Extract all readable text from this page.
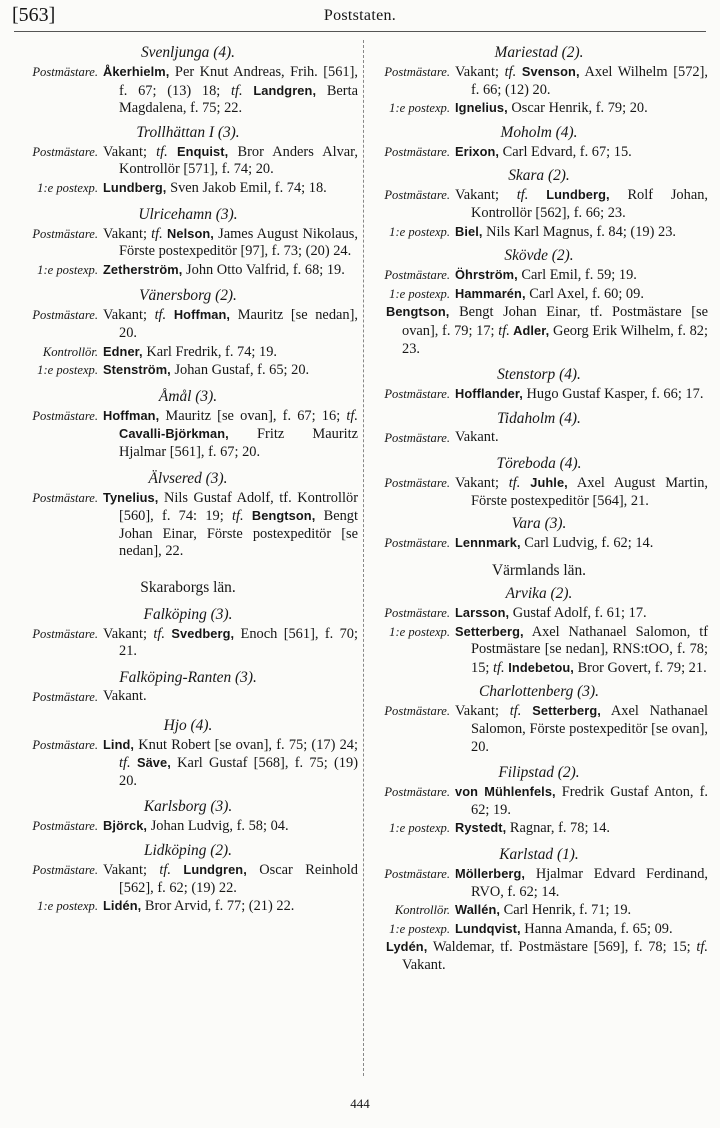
[563]	Poststaten.
Svenljunga (4).
Postmästare. Åkerhielm, Per Knut Andreas, Frih. [561], f. 67; (13) 18; tf. Landgren, Berta Magdalena, f. 75; 22.
Trollhättan I (3).
Postmästare. Vakant; tf. Enquist, Bror Anders Alvar, Kontrollör [571], f. 74; 20.
1:e postexp. Lundberg, Sven Jakob Emil, f. 74; 18.
Ulricehamn (3).
Postmästare. Vakant; tf. Nelson, James August Nikolaus, Förste postexpeditör [97], f. 73; (20) 24.
1:e postexp. Zetherström, John Otto Valfrid, f. 68; 19.
Vänersborg (2).
Postmästare. Vakant; tf. Hoffman, Mauritz [se nedan], 20.
Kontrollör. Edner, Karl Fredrik, f. 74; 19.
1:e postexp. Stenström, Johan Gustaf, f. 65; 20.
Åmål (3).
Postmästare. Hoffman, Mauritz [se ovan], f. 67; 16; tf. Cavalli-Björkman, Fritz Mauritz Hjalmar [561], f. 67; 20.
Älvsered (3).
Postmästare. Tynelius, Nils Gustaf Adolf, tf. Kontrollör [560], f. 74: 19; tf. Bengtson, Bengt Johan Einar, Förste postexpeditör [se nedan], 22.
Skaraborgs län.
Falköping (3).
Postmästare. Vakant; tf. Svedberg, Enoch [561], f. 70; 21.
Falköping-Ranten (3).
Postmästare. Vakant.
Hjo (4).
Postmästare. Lind, Knut Robert [se ovan], f. 75; (17) 24; tf. Säve, Karl Gustaf [568], f. 75; (19) 20.
Karlsborg (3).
Postmästare. Björck, Johan Ludvig, f. 58; 04.
Lidköping (2).
Postmästare. Vakant; tf. Lundgren, Oscar Reinhold [562], f. 62; (19) 22.
1:e postexp. Lidén, Bror Arvid, f. 77; (21) 22.
Mariestad (2).
Postmästare. Vakant; tf. Svenson, Axel Wilhelm [572], f. 66; (12) 20.
1:e postexp. Ignelius, Oscar Henrik, f. 79; 20.
Moholm (4).
Postmästare. Erixon, Carl Edvard, f. 67; 15.
Skara (2).
Postmästare. Vakant; tf. Lundberg, Rolf Johan, Kontrollör [562], f. 66; 23.
1:e postexp. Biel, Nils Karl Magnus, f. 84; (19) 23.
Skövde (2).
Postmästare. Öhrström, Carl Emil, f. 59; 19.
1:e postexp. Hammarén, Carl Axel, f. 60; 09.
Bengtson, Bengt Johan Einar, tf. Postmästare [se ovan], f. 79; 17; tf. Adler, Georg Erik Wilhelm, f. 82; 23.
Stenstorp (4).
Postmästare. Hofflander, Hugo Gustaf Kasper, f. 66; 17.
Tidaholm (4).
Postmästare. Vakant.
Töreboda (4).
Postmästare. Vakant; tf. Juhle, Axel August Martin, Förste postexpeditör [564], 21.
Vara (3).
Postmästare. Lennmark, Carl Ludvig, f. 62; 14.
Värmlands län.
Arvika (2).
Postmästare. Larsson, Gustaf Adolf, f. 61; 17.
1:e postexp. Setterberg, Axel Nathanael Salomon, tf Postmästare [se nedan], RNS:tOO, f. 78; 15; tf. Indebetou, Bror Govert, f. 79; 21.
Charlottenberg (3).
Postmästare. Vakant; tf. Setterberg, Axel Nathanael Salomon, Förste postexpeditör [se ovan], 20.
Filipstad (2).
Postmästare. von Mühlenfels, Fredrik Gustaf Anton, f. 62; 19.
1:e postexp. Rystedt, Ragnar, f. 78; 14.
Karlstad (1).
Postmästare. Möllerberg, Hjalmar Edvard Ferdinand, RVO, f. 62; 14.
Kontrollör. Wallén, Carl Henrik, f. 71; 19.
1:e postexp. Lundqvist, Hanna Amanda, f. 65; 09.
Lydén, Waldemar, tf. Postmästare [569], f. 78; 15; tf. Vakant.
444
